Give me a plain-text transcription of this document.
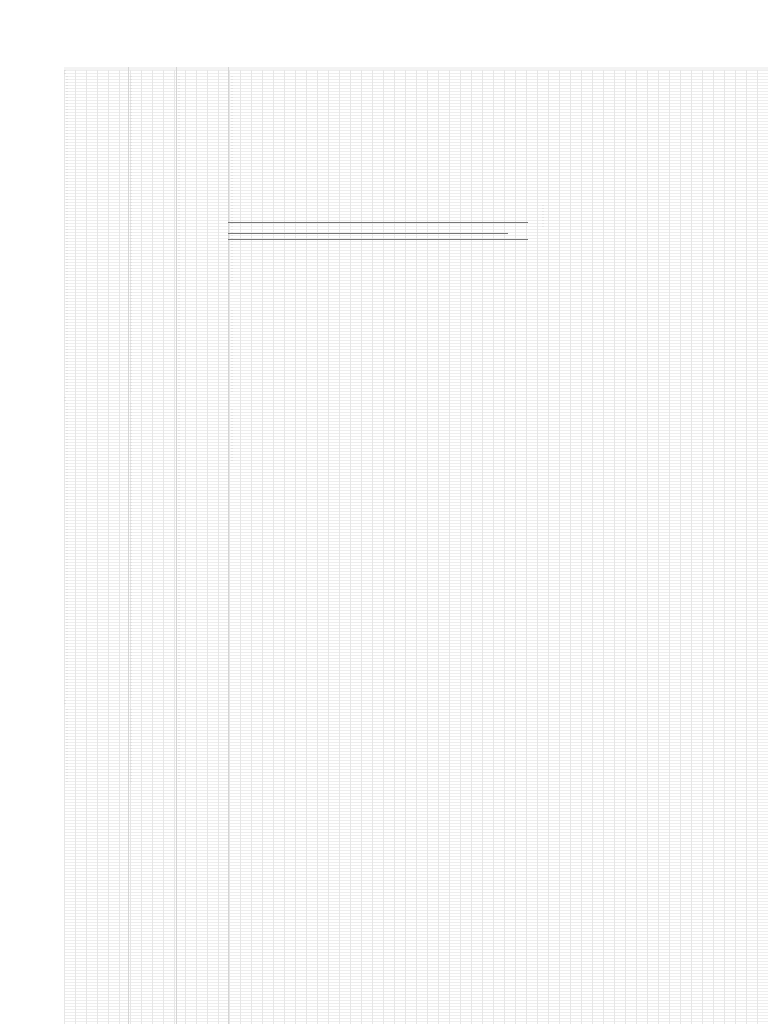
…
…
…
…
…
…
…	…	…	…
…	…	…	…
…	…	…	…
…	…	…	…
…	…	…	…
…	…	…	…
…	…	…	…
…	…	…	…
…	…	…	…
…	…	…	…
…	…	…	…
…	…	…	…
…	…	…	…
…	…	…	…
…	…	…	…
…	…	…	…
…	…	…	…
…	…	…	…
…	…	…	…
…	…	…	…
…	…	…	…
…	…	…	…
…	…	…	…
…	…	…	…
…	…	…	…
…	…	…	…
…	…	…	…
…	…	…	…
…	…	…	…
…	…	…	…
…	…	…	…
…	…	…	…
…	…	…	…
…	…	…	…
…	…	…	…
…	…	…	…
…	…	…	…
…	…	…	…
…	…	…	…
…	…	…	…
…	…	…	…
…	…	…	…
…	…	…	…
…	…	…	…	…
…	…	…	…	…
…	…	…	…	…
…	…	…	…	…
…	…	…	…	…
…	…	…	…	…
…	…	…	…	…
…	…	…	…	…
…	…	…	…
…	…	…	…
…	…	…	…
…	…	…	…
…	…	…	…
…	…	…	…
…	…	…	…
…	…	…	…
…	…	…	…
…	…	…	…
…	…	…	…
…	…	…	…
…	…	…	…
…	…	…	…
…	…	…	…
…	…	…	…
…	…	…	…
…	…	…	…
…	…	…
…	…	…
…	…	…
…	…	…
…	…	…
…	…	…
…	…	…
…	…	…
…	…	…
…	…	…	…
…	…	…	…
…	…	…	…
…	…	…	…
…	…	…	…
…	…	…	…
…	…	…	…
…	…	…	…
…	…	…	…
…	…	…	…
…	…	…	…
…	…	…	…
…	…	…	…
…	…	…	…
…	…	…	…
…	…	…	…
…	…	…	…
…	…	…	…
…	…	…	…
…	…	…	…
…	…	…	…
…	…	…	…
…	…	…	…
…	…	…	…
…	…	…	…
…	…	…	…
…	…	…	…
…	…	…	…
…	…	…
…	…	…
…	…	…	…
…	…	…	…
…	…	…	…
…	…	…	…
…	…	…	…
…	…	…	…
…	…	…	…
…	…	…	…
…	…	…	…
…	…	…	…
…	…	…	…
…	…	…	…
…	…	…	…
…	…	…	…
…	…	…	…
…	…	…	…
…	…	…	…
…	…	…	…
…	…	…
…	…	…
…	…	…
…	…	…
…	…	…
…	…	…
…	…	…
…	…	…
…	…	…
…	…	…
…	…	…
…	…	…
…	…	…
…	…	…
…	…	…
…	…	…
…	…	…
…	…	…
…	…	…
…	…	…
…	…	…
…	…	…
…	…	…
…	…	…
…	…	…
…	…	…
…	…	…
…	…	…
…	…	…
…	…	…
…	…	…
…	…	…
…	…	…
…	…	…
…	…	…
…	…	…
…	…	…
…	…	…
…	…	…
…	…	…
…	…	…
…	…	…
…	…	…
…	…	…
…	…	…
…	…	…
…	…	…
…	…	…
…	…	…
…	…	…
…	…	…
…	…	…
…	…	…
…	…	…
…	…	…
…	…	…
…	…	…
…	…	…
…	…	…
…	…	…
…	…	…
…	…	…
…	…	…
…	…	…
…	…	…
…	…	…
…	…	…
…	…	…
…	…	…
…	…	…
…	…	…
…	…	…
…	…	…
…	…	…
…	…	…
…	…	…
…	…	…
…	…	…
…	…	…
…	…	…
…	…	…
…	…	…
…	…	…
…	…	…
…	…	…
…	…	…
…	…	…
…	…	…
…	…	…
…	…	…
…	…	…
…	…	…
…	…	…
…	…	…
…	…	…
…	…	…
…	…	…
…	…	…
…	…	…
…	…	…
…	…	…
…	…	…
…	…	…
…	…	…
